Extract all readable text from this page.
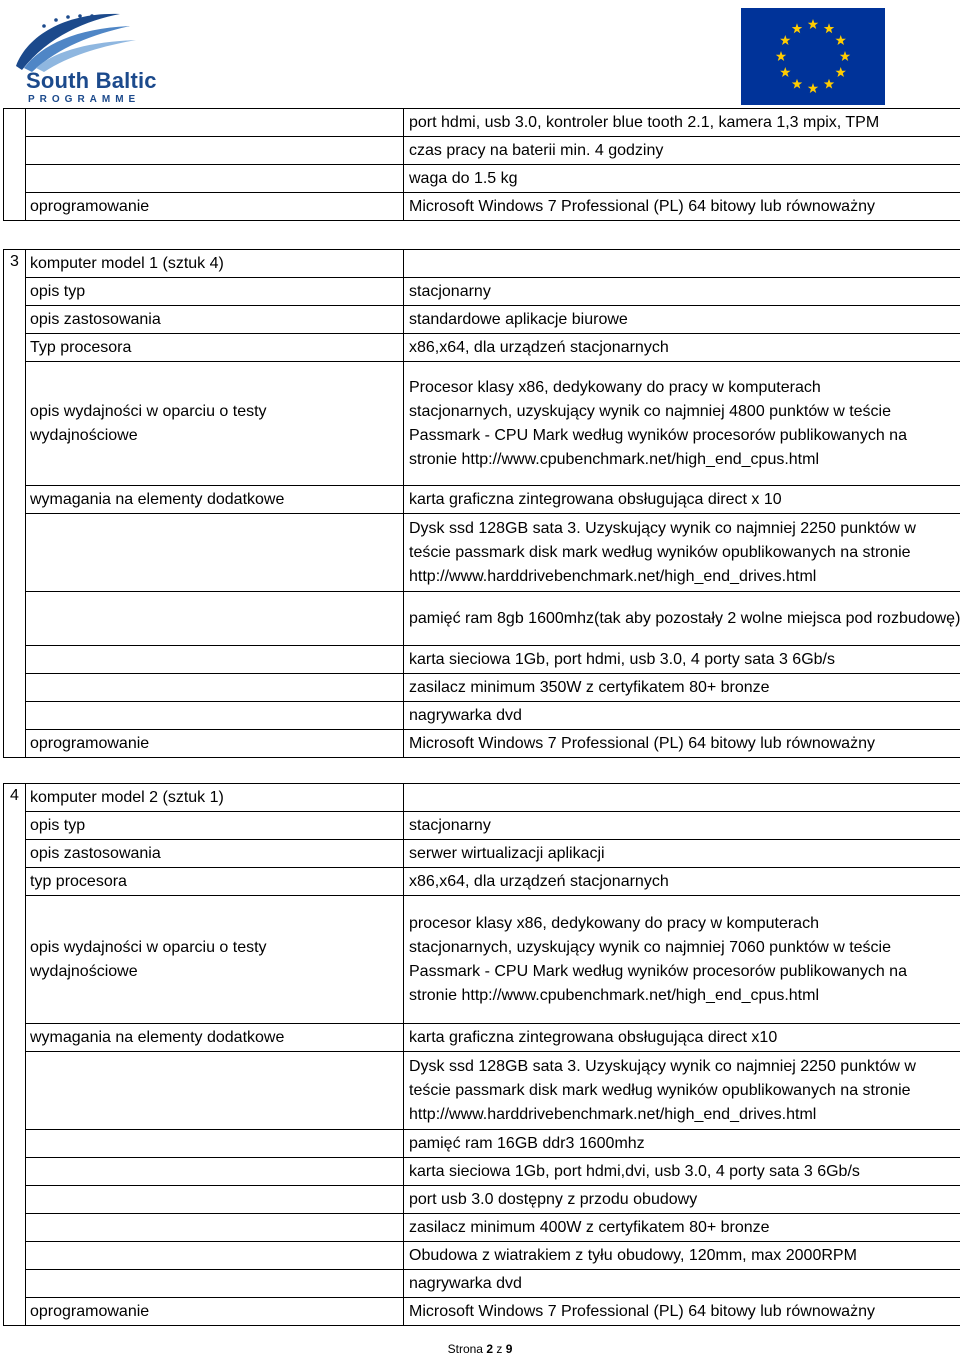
South Baltic
PROGRAMME
		port hdmi, usb 3.0, kontroler blue tooth 2.1, kamera 1,3 mpix, TPM
		czas pracy na baterii min. 4 godziny
		waga do 1.5 kg
	oprogramowanie	Microsoft Windows 7 Professional (PL) 64 bitowy lub równoważny
3	komputer model 1 (sztuk 4)	
	opis typ	stacjonarny
	opis zastosowania	standardowe aplikacje biurowe
	Typ procesora	x86,x64, dla urządzeń stacjonarnych
	opis wydajności w oparciu o testy wydajnościowe	Procesor klasy x86, dedykowany do pracy w komputerach stacjonarnych, uzyskujący wynik co najmniej 4800 punktów w teście Passmark - CPU Mark według wyników procesorów publikowanych na stronie http://www.cpubenchmark.net/high_end_cpus.html
	wymagania na elementy dodatkowe	karta graficzna zintegrowana obsługująca direct x 10
		Dysk ssd 128GB sata 3. Uzyskujący wynik co najmniej 2250 punktów w teście passmark disk mark według wyników opublikowanych na stronie http://www.harddrivebenchmark.net/high_end_drives.html
		pamięć ram 8gb 1600mhz(tak aby pozostały 2 wolne miejsca pod rozbudowę)
		karta sieciowa 1Gb, port hdmi, usb 3.0, 4 porty sata 3 6Gb/s
		zasilacz minimum 350W z certyfikatem 80+ bronze
		nagrywarka dvd
	oprogramowanie	Microsoft Windows 7 Professional (PL) 64 bitowy lub równoważny
4	komputer model 2 (sztuk 1)	
	opis typ	stacjonarny
	opis zastosowania	serwer wirtualizacji aplikacji
	typ procesora	x86,x64, dla urządzeń stacjonarnych
	opis wydajności w oparciu o testy wydajnościowe	procesor klasy x86, dedykowany do pracy w komputerach stacjonarnych, uzyskujący wynik co najmniej 7060 punktów w teście Passmark - CPU Mark według wyników procesorów publikowanych na stronie http://www.cpubenchmark.net/high_end_cpus.html
	wymagania na elementy dodatkowe	karta graficzna zintegrowana obsługująca direct x10
		Dysk ssd 128GB sata 3. Uzyskujący wynik co najmniej 2250 punktów w teście passmark disk mark według wyników opublikowanych na stronie http://www.harddrivebenchmark.net/high_end_drives.html
		pamięć ram 16GB ddr3 1600mhz
		karta sieciowa 1Gb, port hdmi,dvi, usb 3.0, 4 porty sata 3 6Gb/s
		port usb 3.0 dostępny z przodu obudowy
		zasilacz minimum 400W z certyfikatem 80+ bronze
		Obudowa z wiatrakiem z tyłu obudowy, 120mm, max 2000RPM
		nagrywarka dvd
	oprogramowanie	Microsoft Windows 7 Professional (PL) 64 bitowy lub równoważny
Strona 2 z 9
